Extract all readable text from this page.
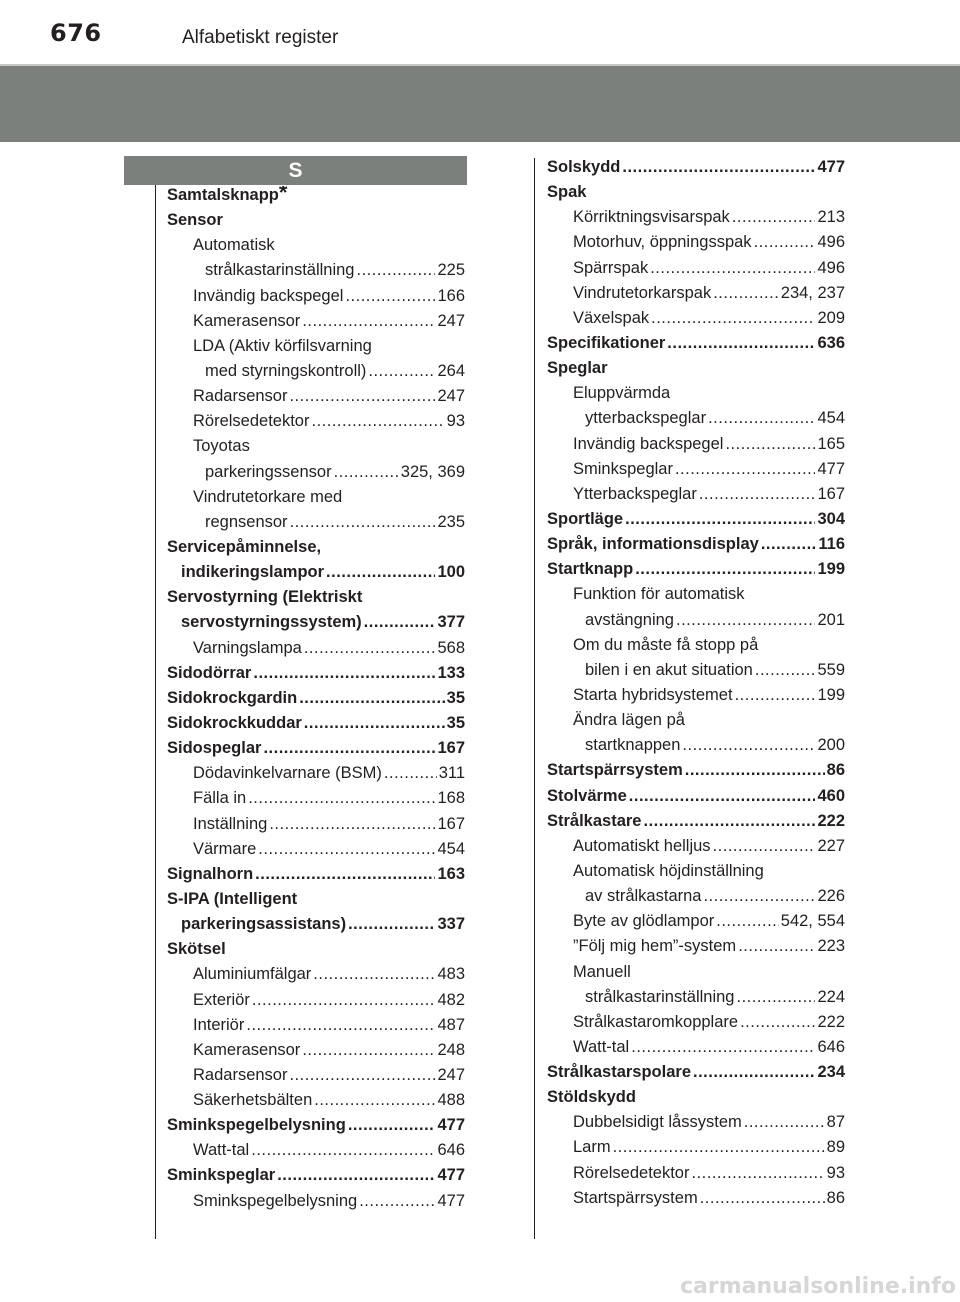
676	Alfabetiskt register
S
Samtalsknapp *
Sensor
Automatisk
strålkastarinställning .....	225
Invändig backspegel .....	166
Kamerasensor .....	247
LDA (Aktiv körfilsvarning
med styrningskontroll) .....	264
Radarsensor .....	247
Rörelsedetektor .....	93
Toyotas
parkeringssensor .....	325, 369
Vindrutetorkare med
regnsensor .....	235
Servicepåminnelse,
indikeringslampor .....	100
Servostyrning (Elektriskt
servostyrningssystem) .....	377
Varningslampa .....	568
Sidodörrar .....	133
Sidokrockgardin .....	35
Sidokrockkuddar .....	35
Sidospeglar .....	167
Dödavinkelvarnare (BSM) .....	311
Fälla in .....	168
Inställning .....	167
Värmare .....	454
Signalhorn .....	163
S-IPA (Intelligent
parkeringsassistans) .....	337
Skötsel
Aluminiumfälgar .....	483
Exteriör .....	482
Interiör .....	487
Kamerasensor .....	248
Radarsensor .....	247
Säkerhetsbälten .....	488
Sminkspegelbelysning .....	477
Watt-tal .....	646
Sminkspeglar .....	477
Sminkspegelbelysning .....	477
Solskydd .....	477
Spak
Körriktningsvisarspak .....	213
Motorhuv, öppningsspak .....	496
Spärrspak .....	496
Vindrutetorkarspak .....	234, 237
Växelspak .....	209
Specifikationer .....	636
Speglar
Eluppvärmda
ytterbackspeglar .....	454
Invändig backspegel .....	165
Sminkspeglar .....	477
Ytterbackspeglar .....	167
Sportläge .....	304
Språk, informationsdisplay .....	116
Startknapp .....	199
Funktion för automatisk
avstängning .....	201
Om du måste få stopp på
bilen i en akut situation .....	559
Starta hybridsystemet .....	199
Ändra lägen på
startknappen .....	200
Startspärrsystem .....	86
Stolvärme .....	460
Strålkastare .....	222
Automatiskt helljus .....	227
Automatisk höjdinställning
av strålkastarna .....	226
Byte av glödlampor .....	542, 554
”Följ mig hem”-system .....	223
Manuell
strålkastarinställning .....	224
Strålkastaromkopplare .....	222
Watt-tal .....	646
Strålkastarspolare .....	234
Stöldskydd
Dubbelsidigt låssystem .....	87
Larm .....	89
Rörelsedetektor .....	93
Startspärrsystem .....	86
carmanualsonline.info
